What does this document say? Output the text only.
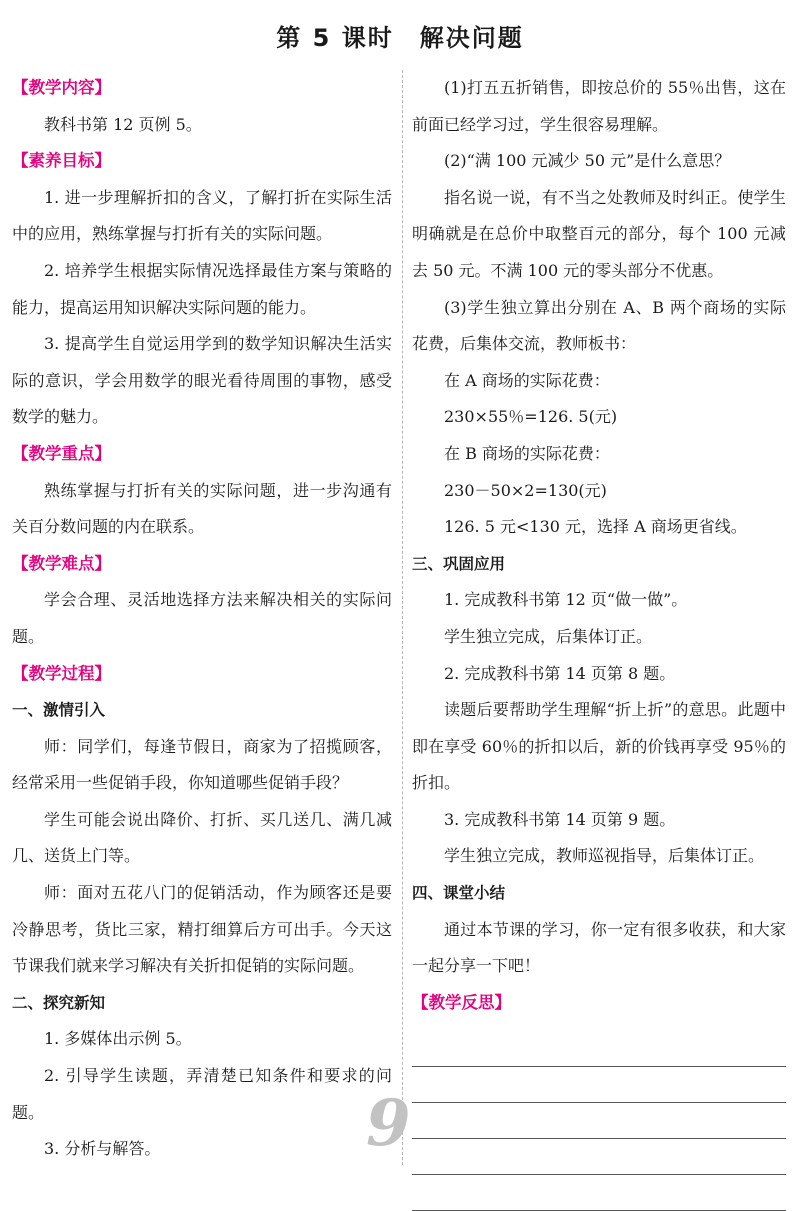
第 5 课时　解决问题
【教学内容】

教科书第 12 页例 5。

【素养目标】

1. 进一步理解折扣的含义，了解打折在实际生活中的应用，熟练掌握与打折有关的实际问题。

2. 培养学生根据实际情况选择最佳方案与策略的能力，提高运用知识解决实际问题的能力。

3. 提高学生自觉运用学到的数学知识解决生活实际的意识，学会用数学的眼光看待周围的事物，感受数学的魅力。

【教学重点】

熟练掌握与打折有关的实际问题，进一步沟通有关百分数问题的内在联系。

【教学难点】

学会合理、灵活地选择方法来解决相关的实际问题。

【教学过程】
一、激情引入

师：同学们，每逢节假日，商家为了招揽顾客，经常采用一些促销手段，你知道哪些促销手段？

学生可能会说出降价、打折、买几送几、满几减几、送货上门等。

师：面对五花八门的促销活动，作为顾客还是要冷静思考，货比三家，精打细算后方可出手。今天这节课我们就来学习解决有关折扣促销的实际问题。

二、探究新知

1. 多媒体出示例 5。

2. 引导学生读题，弄清楚已知条件和要求的问题。

3. 分析与解答。

(1)打五五折销售，即按总价的 55％出售，这在前面已经学习过，学生很容易理解。

(2)“满 100 元减少 50 元”是什么意思？

指名说一说，有不当之处教师及时纠正。使学生明确就是在总价中取整百元的部分，每个 100 元减去 50 元。不满 100 元的零头部分不优惠。

(3)学生独立算出分别在 A、B 两个商场的实际花费，后集体交流，教师板书：

在 A 商场的实际花费：

230×55％=126. 5(元)

在 B 商场的实际花费：

230－50×2=130(元)

126. 5 元<130 元，选择 A 商场更省线。

三、巩固应用

1. 完成教科书第 12 页“做一做”。

学生独立完成，后集体订正。

2. 完成教科书第 14 页第 8 题。

读题后要帮助学生理解“折上折”的意思。此题中即在享受 60％的折扣以后，新的价钱再享受 95％的折扣。

3. 完成教科书第 14 页第 9 题。

学生独立完成，教师巡视指导，后集体订正。

四、课堂小结

通过本节课的学习，你一定有很多收获，和大家一起分享一下吧！

【教学反思】
9
